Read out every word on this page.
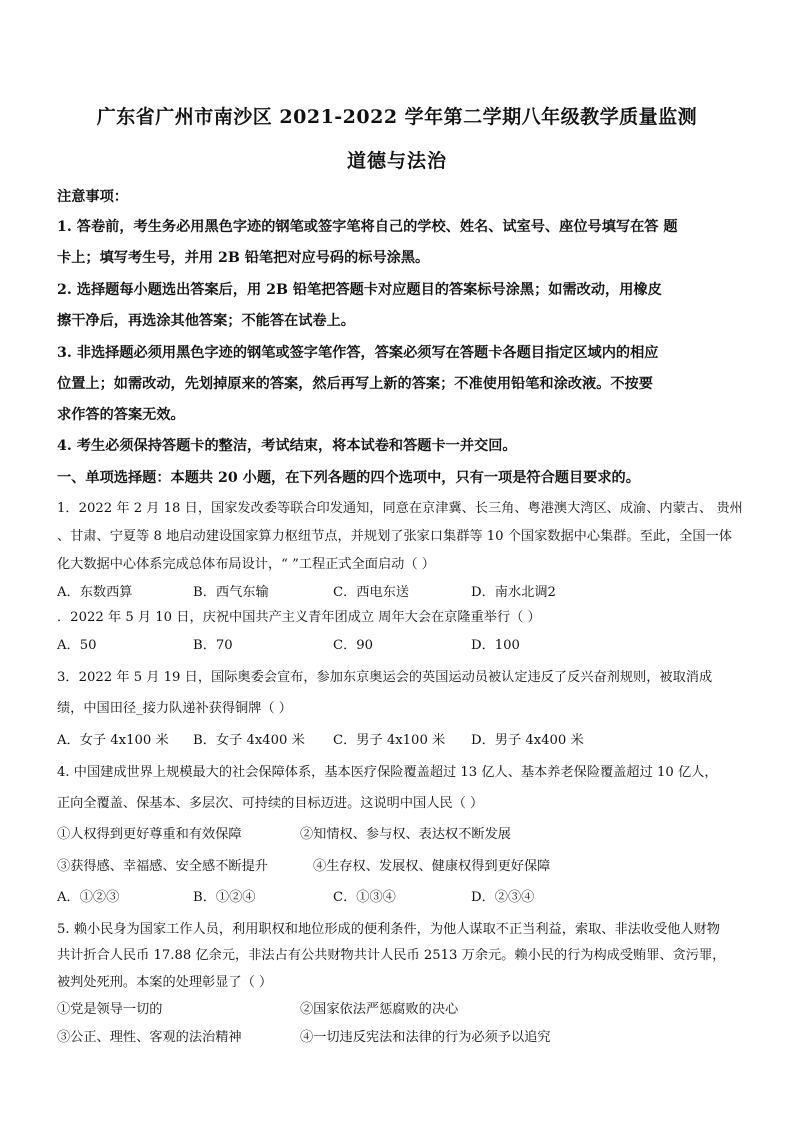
广东省广州市南沙区 2021-2022 学年第二学期八年级教学质量监测
道德与法治
注意事项：
1. 答卷前，考生务必用黑色字迹的钢笔或签字笔将自己的学校、姓名、试室号、座位号填写在答 题
卡上；填写考生号，并用 2B 铅笔把对应号码的标号涂黑。
2. 选择题每小题选出答案后，用 2B 铅笔把答题卡对应题目的答案标号涂黑；如需改动，用橡皮
擦干净后，再选涂其他答案；不能答在试卷上。
3. 非选择题必须用黑色字迹的钢笔或签字笔作答，答案必须写在答题卡各题目指定区域内的相应
位置上；如需改动，先划掉原来的答案，然后再写上新的答案；不准使用铅笔和涂改液。不按要
求作答的答案无效。
4. 考生必须保持答题卡的整洁，考试结束，将本试卷和答题卡一并交回。
一、单项选择题：本题共 20 小题，在下列各题的四个选项中，只有一项是符合题目要求的。
1．2022 年 2 月 18 日，国家发改委等联合印发通知，同意在京津冀、长三角、粤港澳大湾区、成渝、内蒙古、 贵州
、甘肃、宁夏等 8 地启动建设国家算力枢纽节点，并规划了张家口集群等 10 个国家数据中心集群。至此，全国一体
化大数据中心体系完成总体布局设计，“ ”工程正式全面启动（ ）
A．东数西算	B．西气东输	C．西电东送	D．南水北调2
．2022 年 5 月 10 日，庆祝中国共产主义青年团成立 周年大会在京隆重举行（ ）
A．50	B．70	C．90	D．100
3．2022 年 5 月 19 日，国际奥委会宣布，参加东京奥运会的英国运动员被认定违反了反兴奋剂规则，被取消成
绩，中国田径_接力队递补获得铜牌（ ）
A．女子 4x100 米 B．女子 4x400 米 C．男子 4x100 米 D．男子 4x400 米
4. 中国建成世界上规模最大的社会保障体系，基本医疗保险覆盖超过 13 亿人、基本养老保险覆盖超过 10 亿人，
正向全覆盖、保基本、多层次、可持续的目标迈进。这说明中国人民（ ）
①人权得到更好尊重和有效保障	②知情权、参与权、表达权不断发展
③获得感、幸福感、安全感不断提升	④生存权、发展权、健康权得到更好保障
A．①②③	B．①②④	C．①③④	D．②③④
5. 赖小民身为国家工作人员，利用职权和地位形成的便利条件，为他人谋取不正当利益，索取、非法收受他人财物
共计折合人民币 17.88 亿余元，非法占有公共财物共计人民币 2513 万余元。赖小民的行为构成受贿罪、贪污罪，
被判处死刑。本案的处理彰显了（ ）
①党是领导一切的	②国家依法严惩腐败的决心
③公正、理性、客观的法治精神	④一切违反宪法和法律的行为必须予以追究
